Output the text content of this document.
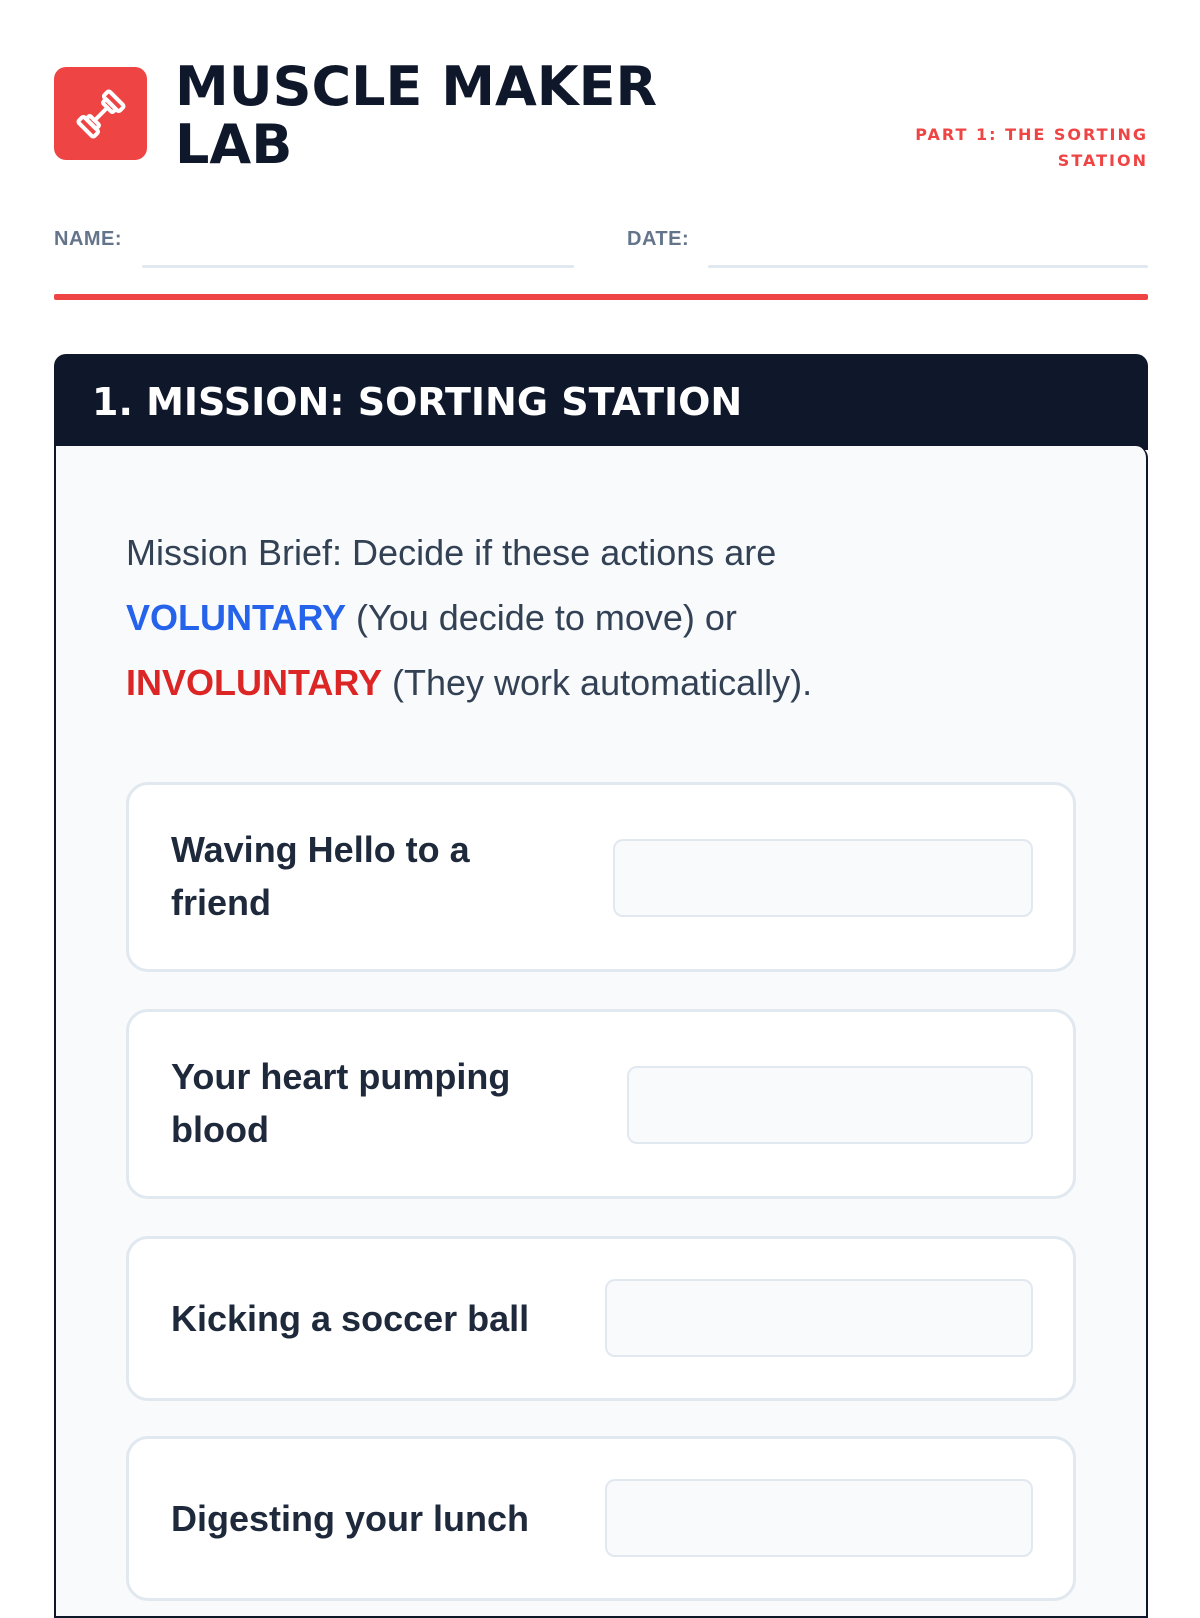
MUSCLE MAKER LAB	PART 1: THE SORTING STATION
NAME:	DATE:
1. MISSION: SORTING STATION
Mission Brief: Decide if these actions are
VOLUNTARY (You decide to move) or
INVOLUNTARY (They work automatically).
Waving Hello to a friend
Your heart pumping blood
Kicking a soccer ball
Digesting your lunch
